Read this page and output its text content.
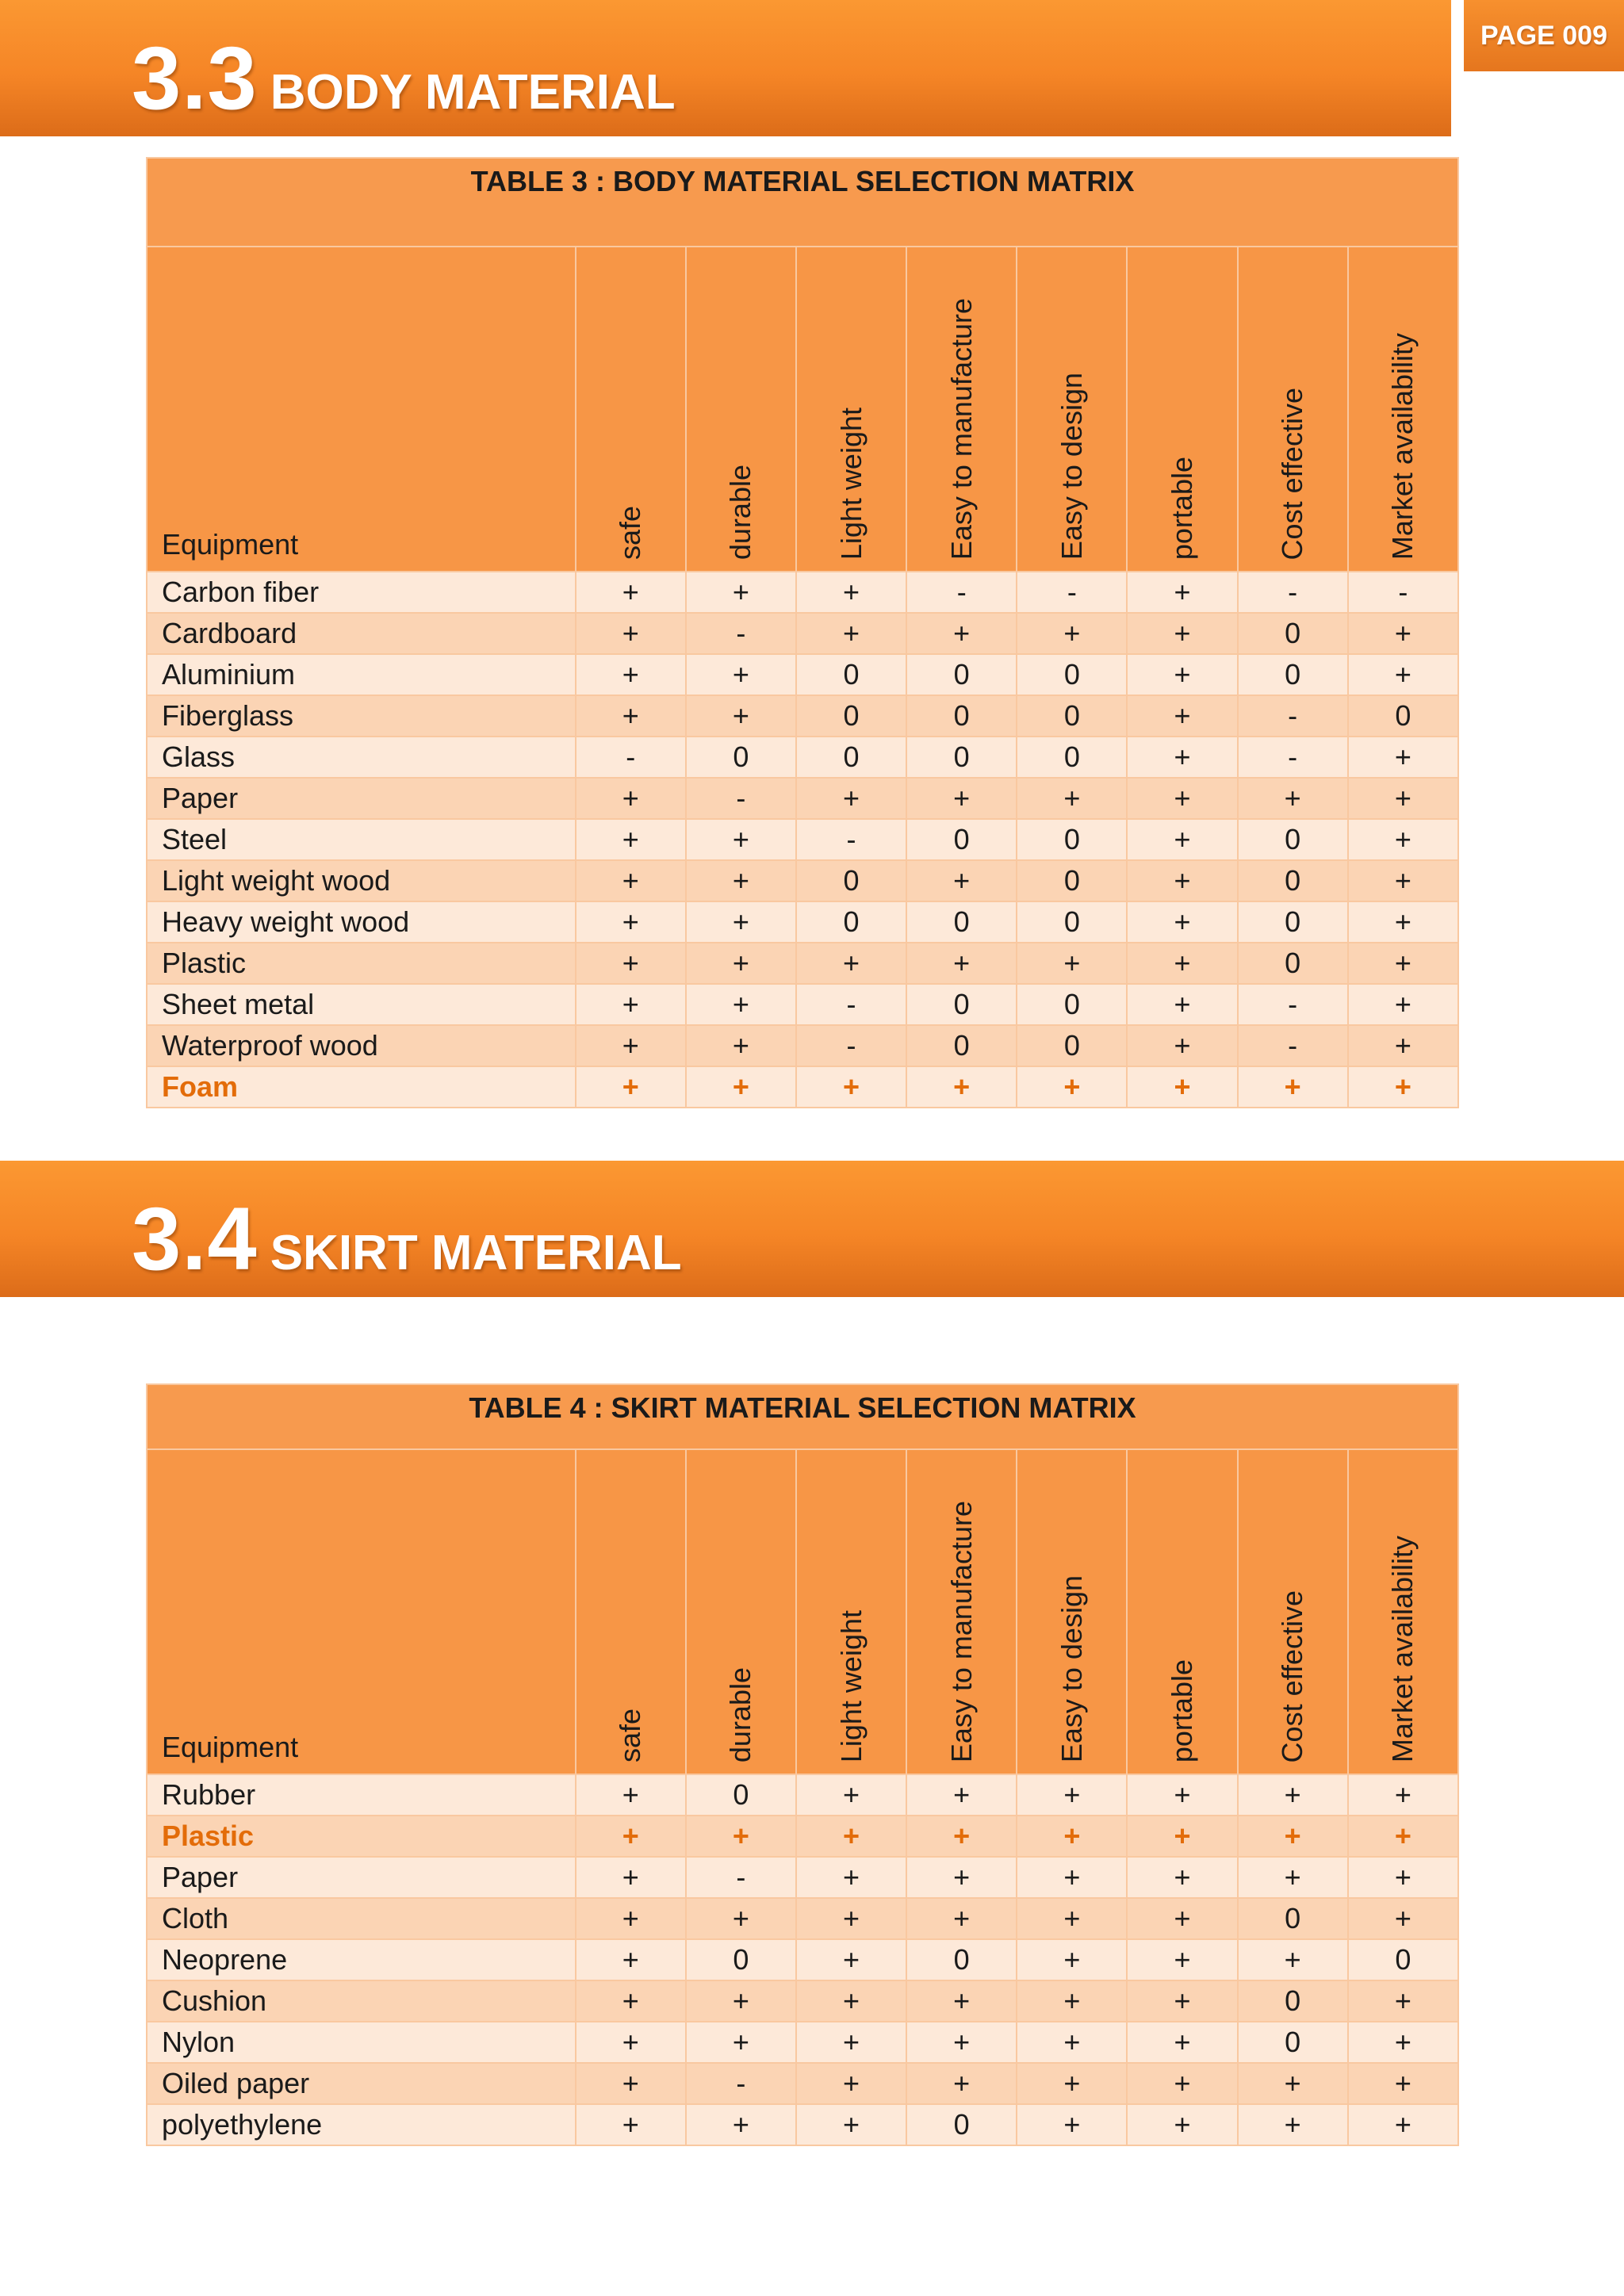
3.3 BODY MATERIAL
PAGE 009
TABLE 3 : BODY MATERIAL SELECTION MATRIX								
Equipment	safe	durable	Light weight	Easy to manufacture	Easy to design	portable	Cost effective	Market availability

Carbon fiber	+	+	+	-	-	+	-	-
Cardboard	+	-	+	+	+	+	0	+
Aluminium	+	+	0	0	0	+	0	+
Fiberglass	+	+	0	0	0	+	-	0
Glass	-	0	0	0	0	+	-	+
Paper	+	-	+	+	+	+	+	+
Steel	+	+	-	0	0	+	0	+
Light weight wood	+	+	0	+	0	+	0	+
Heavy weight wood	+	+	0	0	0	+	0	+
Plastic	+	+	+	+	+	+	0	+
Sheet metal	+	+	-	0	0	+	-	+
Waterproof wood	+	+	-	0	0	+	-	+
Foam	+	+	+	+	+	+	+	+
3.4 SKIRT MATERIAL
TABLE 4 : SKIRT MATERIAL SELECTION MATRIX								
Equipment	safe	durable	Light weight	Easy to manufacture	Easy to design	portable	Cost effective	Market availability

Rubber	+	0	+	+	+	+	+	+
Plastic	+	+	+	+	+	+	+	+
Paper	+	-	+	+	+	+	+	+
Cloth	+	+	+	+	+	+	0	+
Neoprene	+	0	+	0	+	+	+	0
Cushion	+	+	+	+	+	+	0	+
Nylon	+	+	+	+	+	+	0	+
Oiled paper	+	-	+	+	+	+	+	+
polyethylene	+	+	+	0	+	+	+	+
